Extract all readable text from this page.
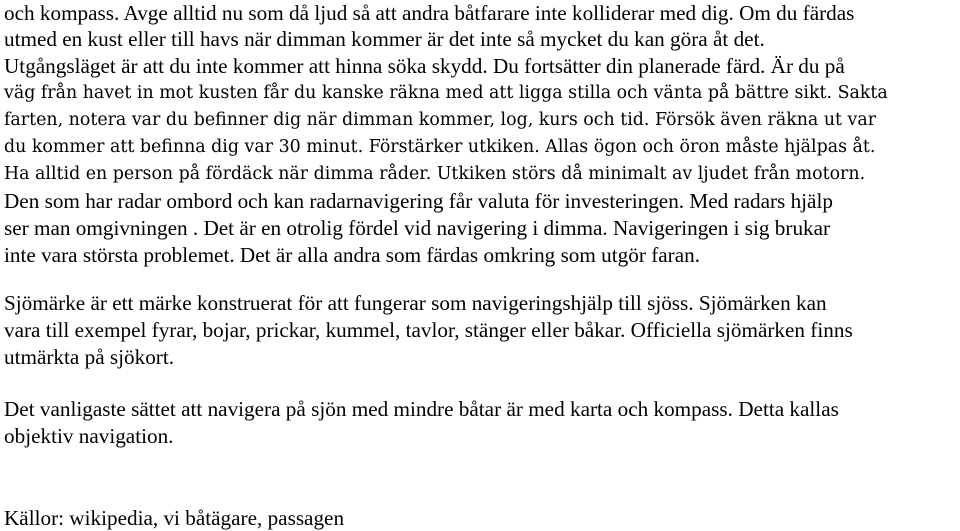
och kompass. Avge alltid nu som då ljud så att andra båtfarare inte kolliderar med dig. Om du färdas
utmed en kust eller till havs när dimman kommer är det inte så mycket du kan göra åt det.
Utgångsläget är att du inte kommer att hinna söka skydd. Du fortsätter din planerade färd. Är du på
väg från havet in mot kusten får du kanske räkna med att ligga stilla och vänta på bättre sikt. Sakta
farten, notera var du befinner dig när dimman kommer, log, kurs och tid. Försök även räkna ut var
du kommer att befinna dig var 30 minut. Förstärker utkiken. Allas ögon och öron måste hjälpas åt.
Ha alltid en person på fördäck när dimma råder. Utkiken störs då minimalt av ljudet från motorn.
Den som har radar ombord och kan radarnavigering får valuta för investeringen. Med radars hjälp
ser man omgivningen . Det är en otrolig fördel vid navigering i dimma. Navigeringen i sig brukar
inte vara största problemet. Det är alla andra som färdas omkring som utgör faran.
Sjömärke är ett märke konstruerat för att fungerar som navigeringshjälp till sjöss. Sjömärken kan
vara till exempel fyrar, bojar, prickar, kummel, tavlor, stänger eller båkar. Officiella sjömärken finns
utmärkta på sjökort.
Det vanligaste sättet att navigera på sjön med mindre båtar är med karta och kompass. Detta kallas
objektiv navigation.
Källor: wikipedia, vi båtägare, passagen
